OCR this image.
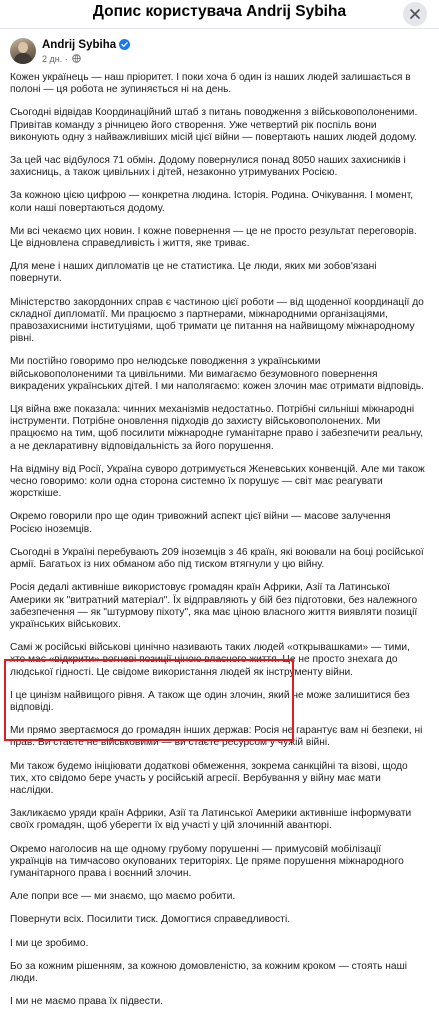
Допис користувача Andrij Sybiha
Andrij Sybiha
2 дн. ·

Кожен українець — наш пріоритет. І поки хоча б один із наших людей залишається в полоні — ця робота не зупиняється ні на день.

Сьогодні відвідав Координаційний штаб з питань поводження з військовополоненими. Привітав команду з річницею його створення. Уже четвертий рік поспіль вони виконують одну з найважливіших місій цієї війни — повертають наших людей додому.

За цей час відбулося 71 обмін. Додому повернулися понад 8050 наших захисників і захисниць, а також цивільних і дітей, незаконно утримуваних Росією.

За кожною цією цифрою — конкретна людина. Історія. Родина. Очікування. І момент, коли наші повертаються додому.

Ми всі чекаємо цих новин. І кожне повернення — це не просто результат переговорів. Це відновлена справедливість і життя, яке триває.

Для мене і наших дипломатів це не статистика. Це люди, яких ми зобов'язані повернути.

Міністерство закордонних справ є частиною цієї роботи — від щоденної координації до складної дипломатії. Ми працюємо з партнерами, міжнародними організаціями, правозахисними інституціями, щоб тримати це питання на найвищому міжнародному рівні.

Ми постійно говоримо про нелюдське поводження з українськими військовополоненими та цивільними. Ми вимагаємо безумовного повернення викрадених українських дітей. І ми наполягаємо: кожен злочин має отримати відповідь.

Ця війна вже показала: чинних механізмів недостатньо. Потрібні сильніші міжнародні інструменти. Потрібне оновлення підходів до захисту військовополонених. Ми працюємо на тим, щоб посилити міжнародне гуманітарне право і забезпечити реальну, а не декларативну відповідальність за його порушення.

На відміну від Росії, Україна суворо дотримується Женевських конвенцій. Але ми також чесно говоримо: коли одна сторона системно їх порушує — світ має реагувати жорсткіше.

Окремо говорили про ще один тривожний аспект цієї війни — масове залучення Росією іноземців.

Сьогодні в Україні перебувають 209 іноземців з 46 країн, які воювали на боці російської армії. Багатьох із них обманом або під тиском втягнули у цю війну.

Росія дедалі активніше використовує громадян країн Африки, Азії та Латинської Америки як "витратний матеріал". Їх відправляють у бій без підготовки, без належного забезпечення — як "штурмову піхоту", яка має ціною власного життя виявляти позиції українських військових.

Самі ж російські військові цинічно називають таких людей «открывашками» — тими, хто має «відкрити» вогневі позиції ціною власного життя. Це не просто знехага до людської гідності. Це свідоме використання людей як інструменту війни.

І це цинізм найвищого рівня. А також ще один злочин, який не може залишитися без відповіді.

Ми прямо звертаємося до громадян інших держав: Росія не гарантує вам ні безпеки, ні прав. Ви стаєте не військовими — ви стаєте ресурсом у чужій війні.

Ми також будемо ініціювати додаткові обмеження, зокрема санкційні та візові, щодо тих, хто свідомо бере участь у російській агресії. Вербування у війну має мати наслідки.

Закликаємо уряди країн Африки, Азії та Латинської Америки активніше інформувати своїх громадян, щоб уберегти їх від участі у цій злочинній авантюрі.

Окремо наголосив на ще одному грубому порушенні — примусовій мобілізації українців на тимчасово окупованих територіях. Це пряме порушення міжнародного гуманітарного права і воєнний злочин.

Але попри все — ми знаємо, що маємо робити.

Повернути всіх. Посилити тиск. Домогтися справедливості.

І ми це зробимо.

Бо за кожним рішенням, за кожною домовленістю, за кожним кроком — стоять наші люди.

І ми не маємо права їх підвести.
